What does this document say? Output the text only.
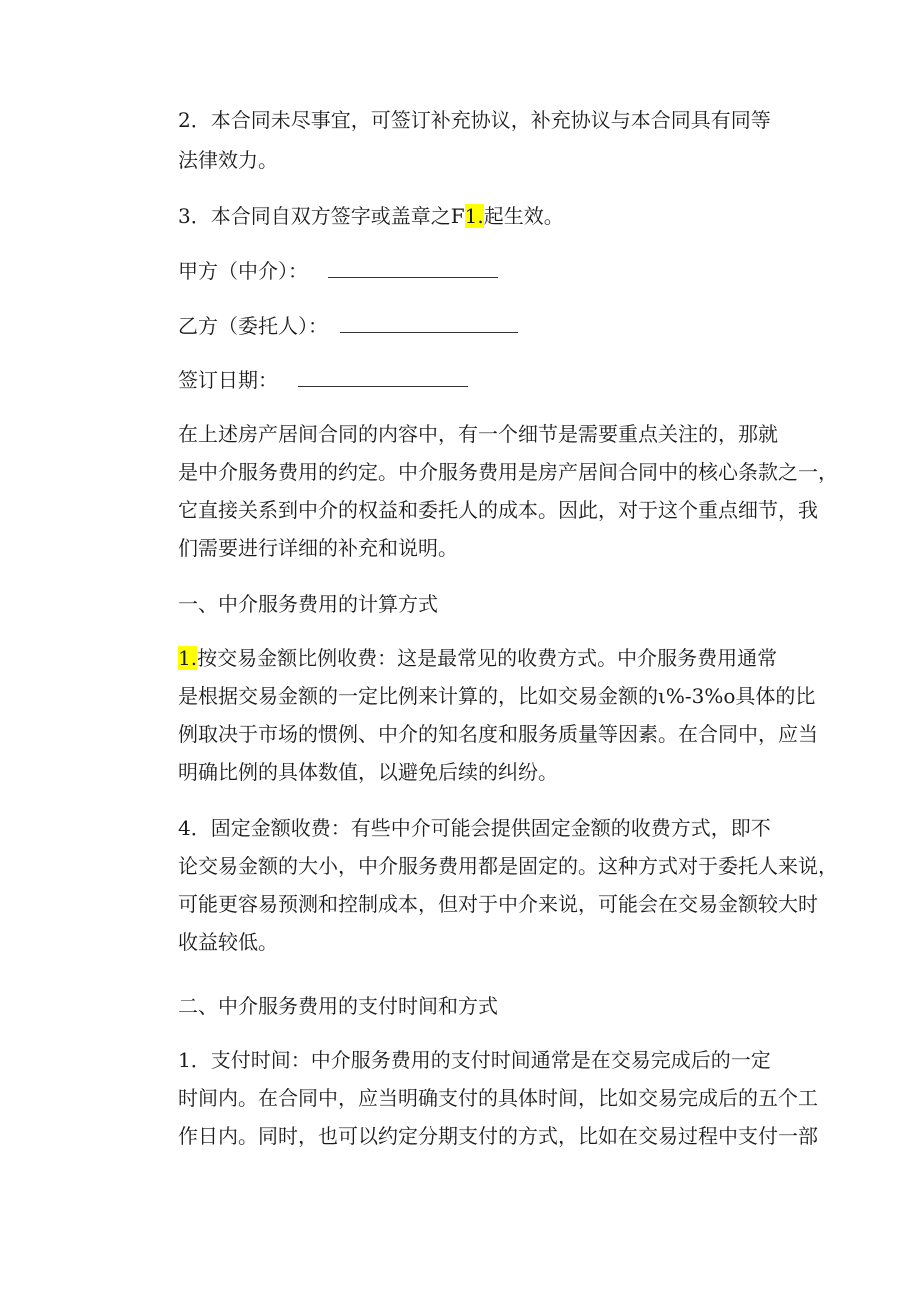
2．本合同未尽事宜，可签订补充协议，补充协议与本合同具有同等
法律效力。
3．本合同自双方签字或盖章之F1.起生效。
甲方（中介）：
乙方（委托人）：
签订日期：
在上述房产居间合同的内容中，有一个细节是需要重点关注的，那就
是中介服务费用的约定。中介服务费用是房产居间合同中的核心条款之一，
它直接关系到中介的权益和委托人的成本。因此，对于这个重点细节，我
们需要进行详细的补充和说明。
一、中介服务费用的计算方式
1.按交易金额比例收费：这是最常见的收费方式。中介服务费用通常
是根据交易金额的一定比例来计算的，比如交易金额的ι%-3%o具体的比
例取决于市场的惯例、中介的知名度和服务质量等因素。在合同中，应当
明确比例的具体数值，以避免后续的纠纷。
4．固定金额收费：有些中介可能会提供固定金额的收费方式，即不
论交易金额的大小，中介服务费用都是固定的。这种方式对于委托人来说，
可能更容易预测和控制成本，但对于中介来说，可能会在交易金额较大时
收益较低。
二、中介服务费用的支付时间和方式
1．支付时间：中介服务费用的支付时间通常是在交易完成后的一定
时间内。在合同中，应当明确支付的具体时间，比如交易完成后的五个工
作日内。同时，也可以约定分期支付的方式，比如在交易过程中支付一部
